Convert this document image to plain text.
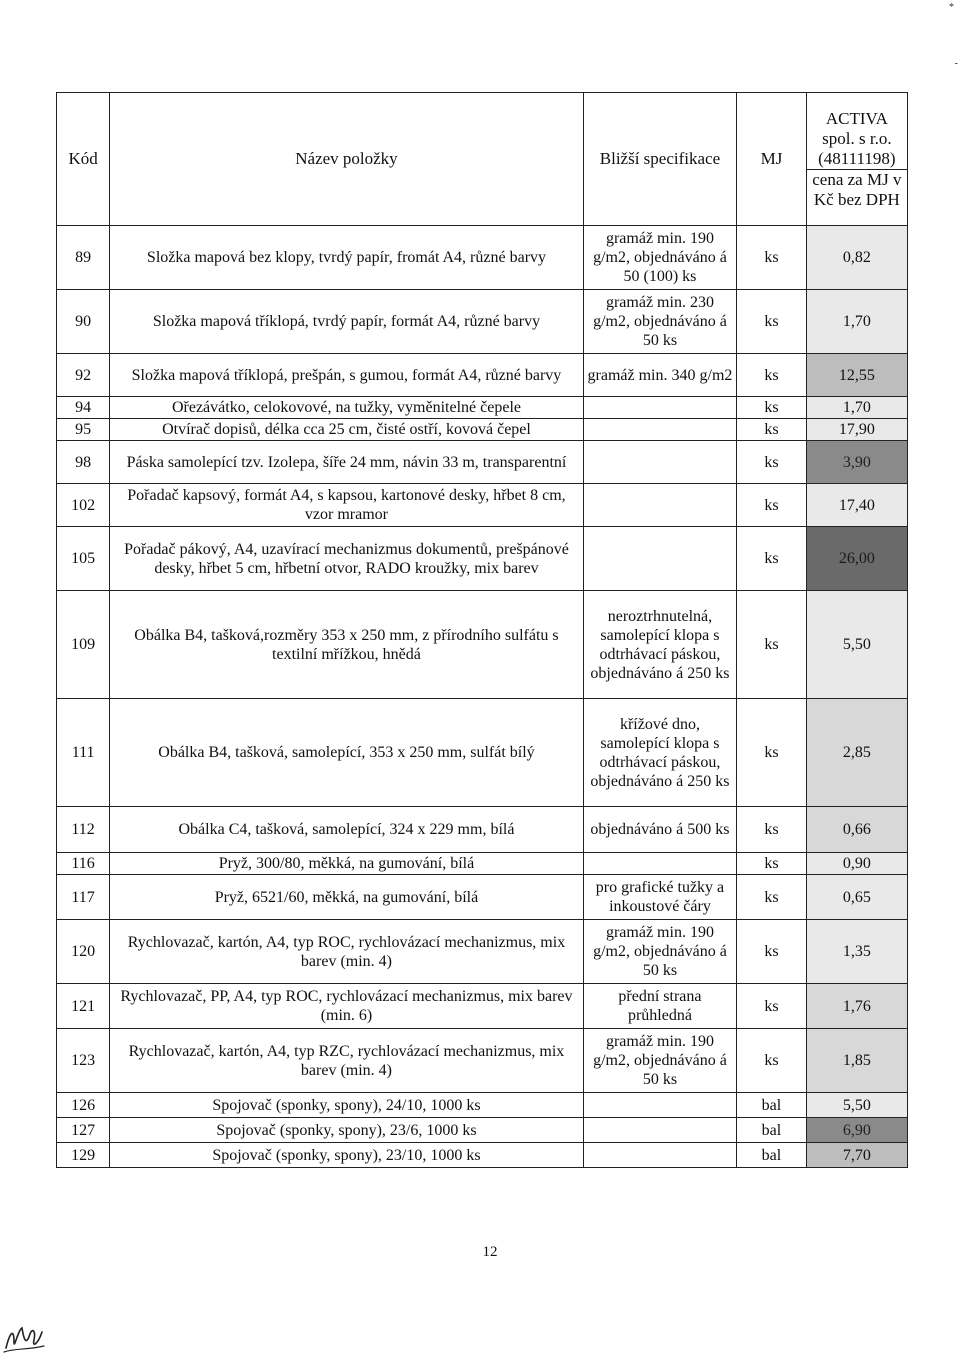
*
-
Kód	Název položky	Bližší specifikace	MJ	ACTIVA spol. s r.o. (48111198)
cena za MJ v Kč bez DPH

89	Složka mapová bez klopy, tvrdý papír, fromát A4, různé barvy	gramáž min. 190 g/m2, objednáváno á 50 (100) ks	ks	0,82
90	Složka mapová tříklopá, tvrdý papír, formát A4, různé barvy	gramáž min. 230 g/m2, objednáváno á 50 ks	ks	1,70
92	Složka mapová tříklopá, prešpán, s gumou, formát A4, různé barvy	gramáž min. 340 g/m2	ks	12,55
94	Ořezávátko, celokovové, na tužky, vyměnitelné čepele		ks	1,70
95	Otvírač dopisů, délka cca 25 cm, čisté ostří, kovová čepel		ks	17,90
98	Páska samolepící tzv. Izolepa, šíře 24 mm, návin 33 m, transparentní		ks	3,90
102	Pořadač kapsový, formát A4, s kapsou, kartonové desky, hřbet 8 cm, vzor mramor		ks	17,40
105	Pořadač pákový, A4, uzavírací mechanizmus dokumentů, prešpánové desky, hřbet 5 cm, hřbetní otvor, RADO kroužky, mix barev		ks	26,00
109	Obálka B4, tašková,rozměry 353 x 250 mm, z přírodního sulfátu s textilní mřížkou, hnědá	neroztrhnutelná, samolepící klopa s odtrhávací páskou, objednáváno á 250 ks	ks	5,50
111	Obálka B4, tašková, samolepící, 353 x 250 mm, sulfát bílý	křížové dno, samolepící klopa s odtrhávací páskou, objednáváno á 250 ks	ks	2,85
112	Obálka C4, tašková, samolepící, 324 x 229 mm, bílá	objednáváno á 500 ks	ks	0,66
116	Pryž, 300/80, měkká, na gumování, bílá		ks	0,90
117	Pryž, 6521/60, měkká, na gumování, bílá	pro grafické tužky a inkoustové čáry	ks	0,65
120	Rychlovazač, kartón, A4, typ ROC, rychlovázací mechanizmus, mix barev (min. 4)	gramáž min. 190 g/m2, objednáváno á 50 ks	ks	1,35
121	Rychlovazač, PP, A4, typ ROC, rychlovázací mechanizmus, mix barev (min. 6)	přední strana průhledná	ks	1,76
123	Rychlovazač, kartón, A4, typ RZC, rychlovázací mechanizmus, mix barev (min. 4)	gramáž min. 190 g/m2, objednáváno á 50 ks	ks	1,85
126	Spojovač (sponky, spony), 24/10, 1000 ks		bal	5,50
127	Spojovač (sponky, spony), 23/6, 1000 ks		bal	6,90
129	Spojovač (sponky, spony), 23/10, 1000 ks		bal	7,70
12
